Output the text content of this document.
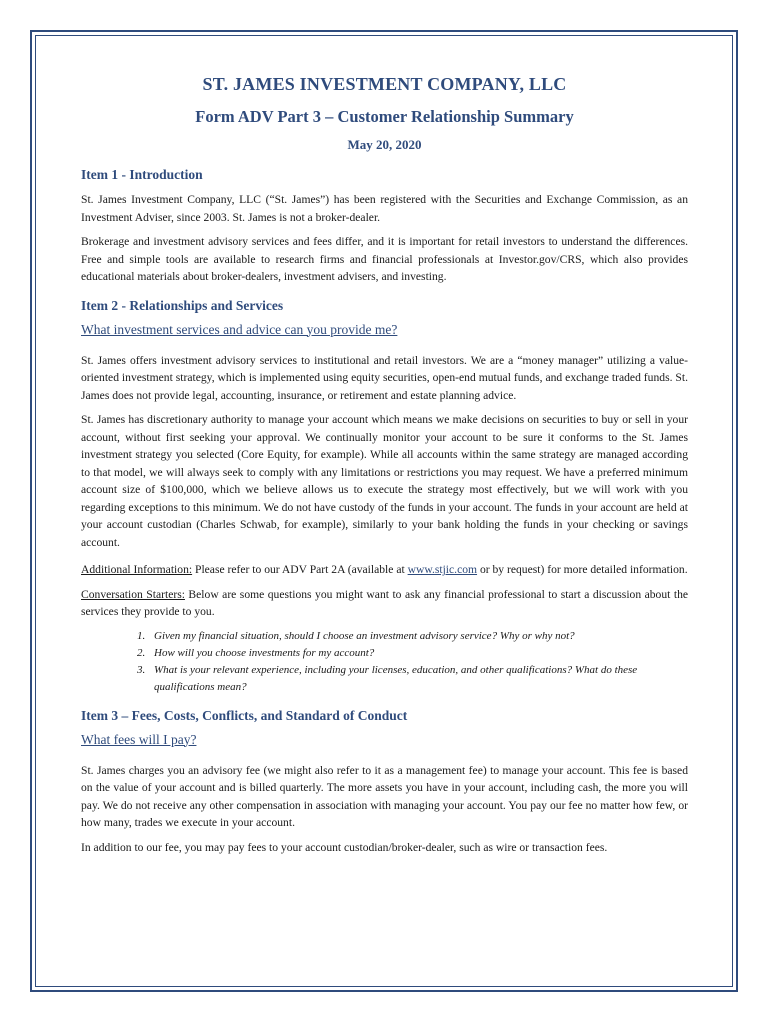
ST. JAMES INVESTMENT COMPANY, LLC
Form ADV Part 3 – Customer Relationship Summary
May 20, 2020
Item 1 - Introduction

St. James Investment Company, LLC (“St. James”) has been registered with the Securities and Exchange Commission, as an Investment Adviser, since 2003. St. James is not a broker-dealer.

Brokerage and investment advisory services and fees differ, and it is important for retail investors to understand the differences. Free and simple tools are available to research firms and financial professionals at Investor.gov/CRS, which also provides educational materials about broker-dealers, investment advisers, and investing.

Item 2 - Relationships and Services
What investment services and advice can you provide me?

St. James offers investment advisory services to institutional and retail investors. We are a “money manager” utilizing a value-oriented investment strategy, which is implemented using equity securities, open-end mutual funds, and exchange traded funds. St. James does not provide legal, accounting, insurance, or retirement and estate planning advice.

St. James has discretionary authority to manage your account which means we make decisions on securities to buy or sell in your account, without first seeking your approval. We continually monitor your account to be sure it conforms to the St. James investment strategy you selected (Core Equity, for example). While all accounts within the same strategy are managed according to that model, we will always seek to comply with any limitations or restrictions you may request. We have a preferred minimum account size of $100,000, which we believe allows us to execute the strategy most effectively, but we will work with you regarding exceptions to this minimum. We do not have custody of the funds in your account. The funds in your account are held at your account custodian (Charles Schwab, for example), similarly to your bank holding the funds in your checking or savings account.

Additional Information: Please refer to our ADV Part 2A (available at www.stjic.com or by request) for more detailed information.

Conversation Starters: Below are some questions you might want to ask any financial professional to start a discussion about the services they provide to you.

1. Given my financial situation, should I choose an investment advisory service? Why or why not?
2. How will you choose investments for my account?
3. What is your relevant experience, including your licenses, education, and other qualifications? What do these qualifications mean?
Item 3 – Fees, Costs, Conflicts, and Standard of Conduct
What fees will I pay?

St. James charges you an advisory fee (we might also refer to it as a management fee) to manage your account. This fee is based on the value of your account and is billed quarterly. The more assets you have in your account, including cash, the more you will pay. We do not receive any other compensation in association with managing your account. You pay our fee no matter how few, or how many, trades we execute in your account.

In addition to our fee, you may pay fees to your account custodian/broker-dealer, such as wire or transaction fees.
